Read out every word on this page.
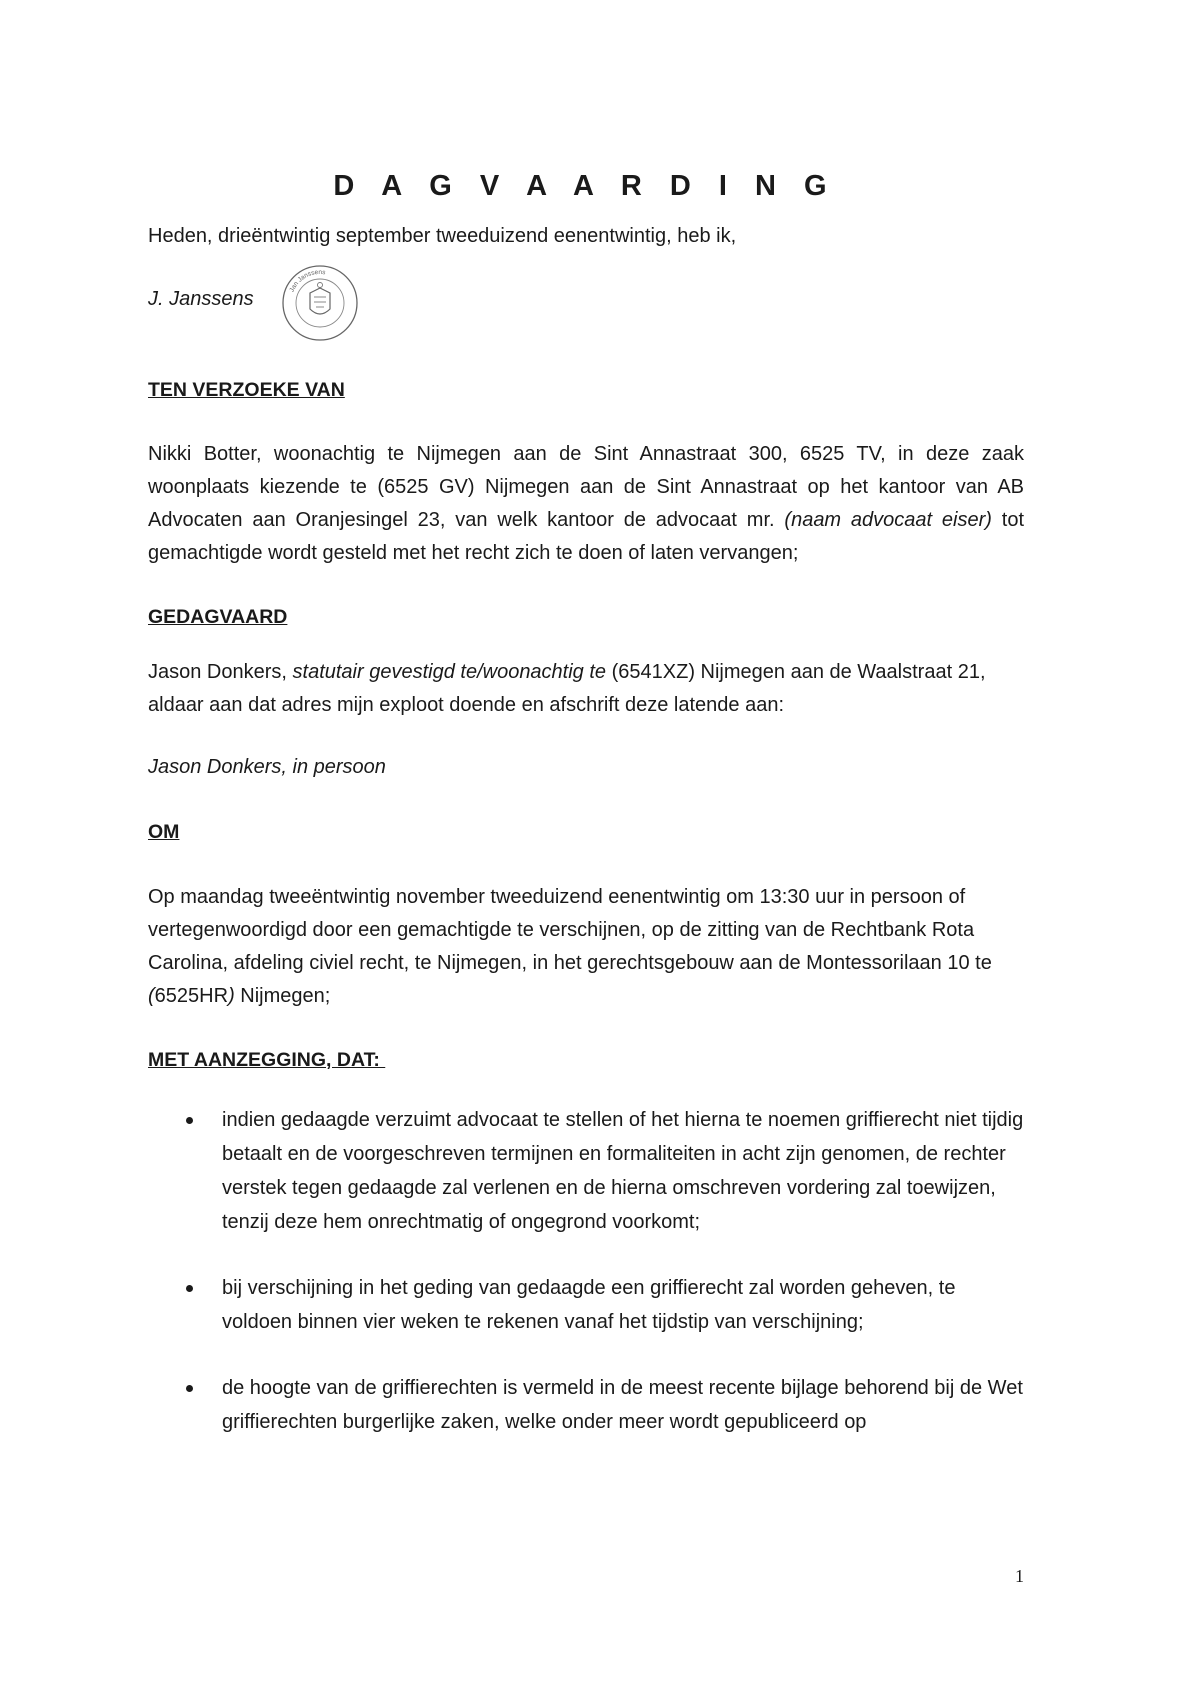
D A G V A A R D I N G

Heden, drieëntwintig september tweeduizend eenentwintig, heb ik,

J. Janssens	Jan Janssens

TEN VERZOEKE VAN

Nikki Botter, woonachtig te Nijmegen aan de Sint Annastraat 300, 6525 TV, in deze zaak woonplaats kiezende te (6525 GV) Nijmegen aan de Sint Annastraat op het kantoor van AB Advocaten aan Oranjesingel 23, van welk kantoor de advocaat mr. (naam advocaat eiser) tot gemachtigde wordt gesteld met het recht zich te doen of laten vervangen;

GEDAGVAARD

Jason Donkers, statutair gevestigd te/woonachtig te (6541XZ) Nijmegen aan de Waalstraat 21, aldaar aan dat adres mijn exploot doende en afschrift deze latende aan:

Jason Donkers, in persoon

OM

Op maandag tweeëntwintig november tweeduizend eenentwintig om 13:30 uur in persoon of vertegenwoordigd door een gemachtigde te verschijnen, op de zitting van de Rechtbank Rota Carolina, afdeling civiel recht, te Nijmegen, in het gerechtsgebouw aan de Montessorilaan 10 te (6525HR) Nijmegen;

MET AANZEGGING, DAT:

indien gedaagde verzuimt advocaat te stellen of het hierna te noemen griffierecht niet tijdig betaalt en de voorgeschreven termijnen en formaliteiten in acht zijn genomen, de rechter verstek tegen gedaagde zal verlenen en de hierna omschreven vordering zal toewijzen, tenzij deze hem onrechtmatig of ongegrond voorkomt;
bij verschijning in het geding van gedaagde een griffierecht zal worden geheven, te voldoen binnen vier weken te rekenen vanaf het tijdstip van verschijning;
de hoogte van de griffierechten is vermeld in de meest recente bijlage behorend bij de Wet griffierechten burgerlijke zaken, welke onder meer wordt gepubliceerd op
1
